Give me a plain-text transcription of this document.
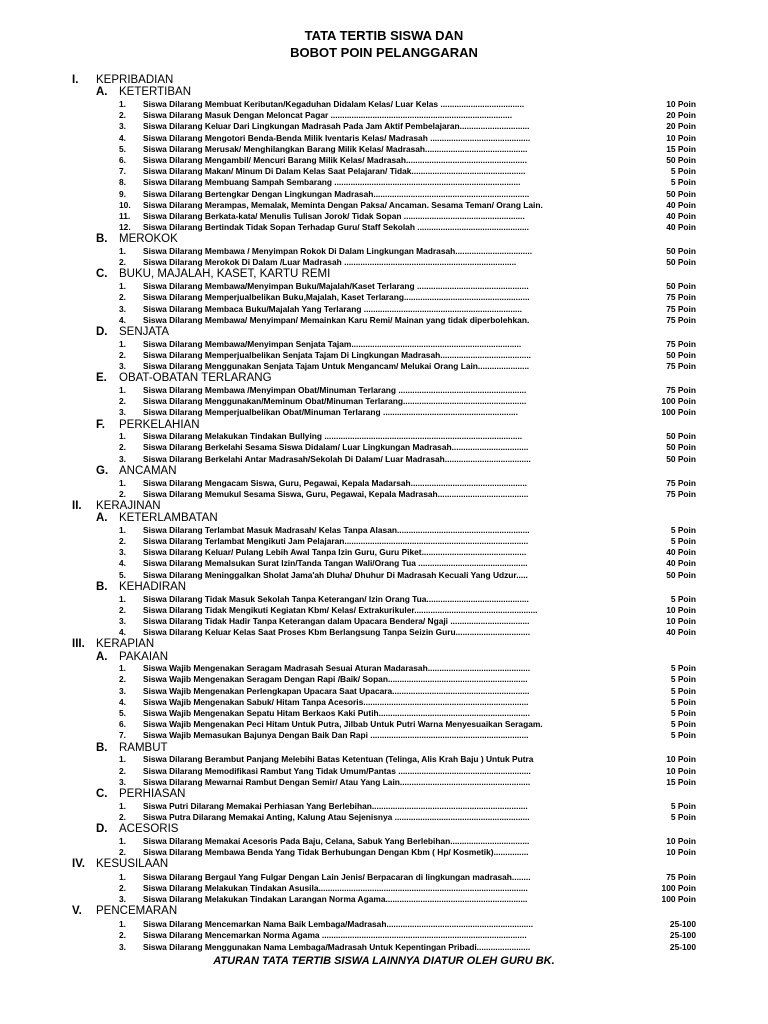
TATA TERTIB SISWA DAN
BOBOT POIN PELANGGARAN
I. KEPRIBADIAN
A. KETERTIBAN
1. Siswa Dilarang Membuat Keributan/Kegaduhan Didalam Kelas/ Luar Kelas ....................................	10 Poin
2. Siswa Dilarang Masuk Dengan Meloncat Pagar ..............................................................................	20 Poin
3. Siswa Dilarang Keluar Dari Lingkungan Madrasah Pada Jam Aktif Pembelajaran..............................	20 Poin
4. Siswa Dilarang Mengotori Benda-Benda Milik Iventaris Kelas/ Madrasah ...........................................	10 Poin
5. Siswa Dilarang Merusak/ Menghilangkan Barang Milik Kelas/ Madrasah............................................	15 Poin
6. Siswa Dilarang Mengambil/ Mencuri Barang Milik Kelas/ Madrasah....................................................	50 Poin
7. Siswa Dilarang Makan/ Minum Di Dalam Kelas Saat Pelajaran/ Tidak.................................................	5 Poin
8. Siswa Dilarang Membuang Sampah Sembarang ................................................................................	5 Poin
9. Siswa Dilarang Bertengkar Dengan Lingkungan Madrasah...................................................................	50 Poin
10. Siswa Dilarang Merampas, Memalak, Meminta Dengan Paksa/ Ancaman. Sesama Teman/ Orang Lain.	40 Poin
11. Siswa Dilarang Berkata-kata/ Menulis Tulisan Jorok/ Tidak Sopan ....................................................	40 Poin
12. Siswa Dilarang Bertindak Tidak Sopan Terhadap Guru/ Staff Sekolah ................................................	40 Poin
B. MEROKOK
1. Siswa Dilarang Membawa / Menyimpan Rokok Di Dalam Lingkungan Madrasah.................................	50 Poin
2. Siswa Dilarang Merokok Di Dalam /Luar Madrasah ..........................................................................	50 Poin
C. BUKU, MAJALAH, KASET, KARTU REMI
1. Siswa Dilarang Membawa/Menyimpan Buku/Majalah/Kaset Terlarang ................................................	50 Poin
2. Siswa Dilarang Memperjualbelikan Buku,Majalah, Kaset Terlarang......................................................	75 Poin
3. Siswa Dilarang Membaca Buku/Majalah Yang Terlarang ....................................................................	75 Poin
4. Siswa Dilarang Membawa/ Menyimpan/ Memainkan Karu Remi/ Mainan yang tidak diperbolehkan.	75 Poin
D. SENJATA
1. Siswa Dilarang Membawa/Menyimpan Senjata Tajam.........................................................................	75 Poin
2. Siswa Dilarang Memperjualbelikan Senjata Tajam Di Lingkungan Madrasah.......................................	50 Poin
3. Siswa Dilarang Menggunakan Senjata Tajam Untuk Mengancam/ Melukai Orang Lain......................	75 Poin
E. OBAT-OBATAN TERLARANG
1. Siswa Dilarang Membawa /Menyimpan Obat/Minuman Terlarang .......................................................	75 Poin
2. Siswa Dilarang Menggunakan/Meminum Obat/Minuman Terlarang.....................................................	100 Poin
3. Siswa Dilarang Memperjualbelikan Obat/Minuman Terlarang ..........................................................	100 Poin
F. PERKELAHIAN
1. Siswa Dilarang Melakukan Tindakan Bullying .....................................................................................	50 Poin
2. Siswa Dilarang Berkelahi Sesama Siswa Didalam/ Luar Lingkungan Madrasah.................................	50 Poin
3. Siswa Dilarang Berkelahi Antar Madrasah/Sekolah Di Dalam/ Luar Madrasah.....................................	50 Poin
G. ANCAMAN
1. Siswa Dilarang Mengacam Siswa, Guru, Pegawai, Kepala Madarsah..................................................	75 Poin
2. Siswa Dilarang Memukul Sesama Siswa, Guru, Pegawai, Kepala Madrasah.......................................	75 Poin
II. KERAJINAN
A. KETERLAMBATAN
1. Siswa Dilarang Terlambat Masuk Madrasah/ Kelas Tanpa Alasan.........................................................	5 Poin
2. Siswa Dilarang Terlambat Mengikuti Jam Pelajaran...............................................................................	5 Poin
3. Siswa Dilarang Keluar/ Pulang Lebih Awal Tanpa Izin Guru, Guru Piket.............................................	40 Poin
4. Siswa Dilarang Memalsukan Surat Izin/Tanda Tangan Wali/Orang Tua ...............................................	40 Poin
5. Siswa Dilarang Meninggalkan Sholat Jama'ah Dluha/ Dhuhur Di Madrasah Kecuali Yang Udzur.....	50 Poin
B. KEHADIRAN
1. Siswa Dilarang Tidak Masuk Sekolah Tanpa Keterangan/ Izin Orang Tua............................................	5 Poin
2. Siswa Dilarang Tidak Mengikuti Kegiatan Kbm/ Kelas/ Extrakurikuler.....................................................	10 Poin
3. Siswa Dilarang Tidak Hadir Tanpa Keterangan dalam Upacara Bendera/ Ngaji ..................................	10 Poin
4. Siswa Dilarang Keluar Kelas Saat Proses Kbm Berlangsung Tanpa Seizin Guru................................	40 Poin
III. KERAPIAN
A. PAKAIAN
1. Siswa Wajib Mengenakan Seragam Madrasah Sesuai Aturan Madarasah............................................	5 Poin
2. Siswa Wajib Mengenakan Seragam Dengan Rapi /Baik/ Sopan............................................................	5 Poin
3. Siswa Wajib Mengenakan Perlengkapan Upacara Saat Upacara...........................................................	5 Poin
4. Siswa Wajib Mengenakan Sabuk/ Hitam Tanpa Acesoris.......................................................................	5 Poin
5. Siswa Wajib Mengenakan Sepatu Hitam Berkaos Kaki Putih.................................................................	5 Poin
6. Siswa Wajib Mengenakan Peci Hitam Untuk Putra, Jilbab Untuk Putri Warna Menyesuaikan Seragam.	5 Poin
7. Siswa Wajib Memasukan Bajunya Dengan Baik Dan Rapi ....................................................................	5 Poin
B. RAMBUT
1. Siswa Dilarang Berambut Panjang Melebihi Batas Ketentuan (Telinga, Alis Krah Baju ) Untuk Putra	10 Poin
2. Siswa Dilarang Memodifikasi Rambut Yang Tidak Umum/Pantas .........................................................	10 Poin
3. Siswa Dilarang Mewarnai Rambut Dengan Semir/ Atau Yang Lain........................................................	15 Poin
C. PERHIASAN
1. Siswa Putri Dilarang Memakai Perhiasan Yang Berlebihan...................................................................	5 Poin
2. Siswa Putra Dilarang Memakai Anting, Kalung Atau Sejenisnya ..........................................................	5 Poin
D. ACESORIS
1. Siswa Dilarang Memakai Acesoris Pada Baju, Celana, Sabuk Yang Berlebihan..................................	10 Poin
2. Siswa Dilarang Membawa Benda Yang Tidak Berhubungan Dengan Kbm ( Hp/ Kosmetik)...............	10 Poin
IV. KESUSILAAN
1. Siswa Dilarang Bergaul Yang Fulgar Dengan Lain Jenis/ Berpacaran di lingkungan madrasah........	75 Poin
2. Siswa Dilarang Melakukan Tindakan Asusila..........................................................................................	100 Poin
3. Siswa Dilarang Melakukan Tindakan Larangan Norma Agama.............................................................	100 Poin
V. PENCEMARAN
1. Siswa Dilarang Mencemarkan Nama Baik Lembaga/Madrasah...............................................................	25-100
2. Siswa Dilarang Mencemarkan Norma Agama ........................................................................................	25-100
3. Siswa Dilarang Menggunakan Nama Lembaga/Madrasah Untuk Kepentingan Pribadi.......................	25-100
ATURAN TATA TERTIB SISWA LAINNYA DIATUR OLEH GURU BK.
